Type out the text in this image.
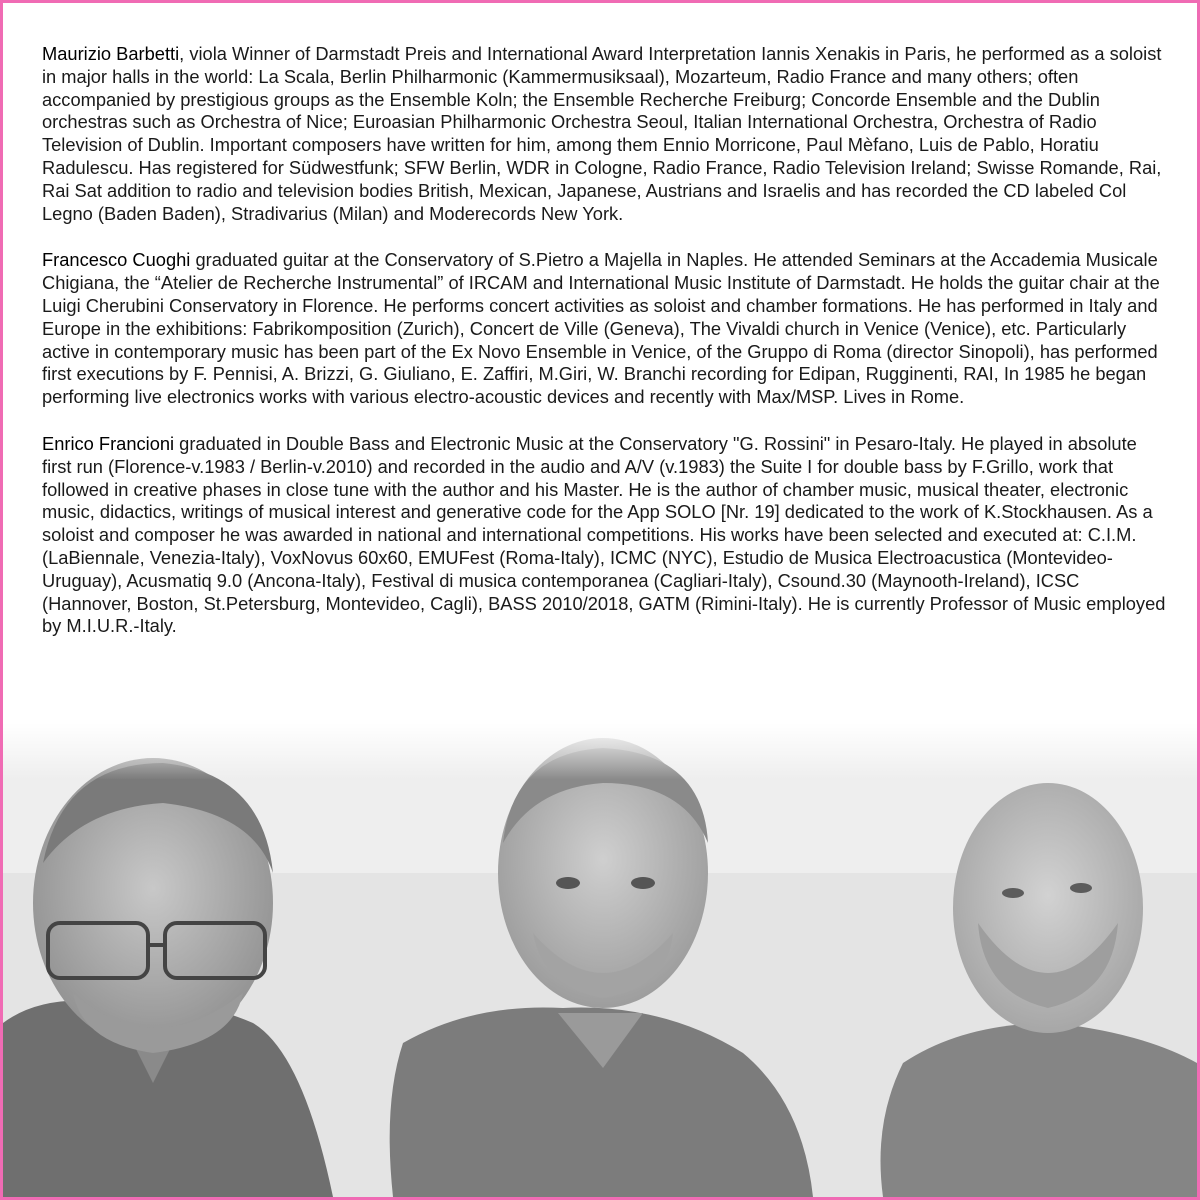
Maurizio Barbetti, viola Winner of Darmstadt Preis and International Award Interpretation Iannis Xenakis in Paris, he performed as a soloist in major halls in the world: La Scala, Berlin Philharmonic (Kammermusiksaal), Mozarteum, Radio France and many others; often accompanied by prestigious groups as the Ensemble Koln; the Ensemble Recherche Freiburg; Concorde Ensemble and the Dublin orchestras such as Orchestra of Nice; Euroasian Philharmonic Orchestra Seoul, Italian International Orchestra, Orchestra of Radio Television of Dublin. Important composers have written for him, among them Ennio Morricone, Paul Mèfano, Luis de Pablo, Horatiu Radulescu. Has registered for Südwestfunk; SFW Berlin, WDR in Cologne, Radio France, Radio Television Ireland; Swisse Romande, Rai, Rai Sat addition to radio and television bodies British, Mexican, Japanese, Austrians and Israelis and has recorded the CD labeled Col Legno (Baden Baden), Stradivarius (Milan) and Moderecords New York.

Francesco Cuoghi graduated guitar at the Conservatory of S.Pietro a Majella in Naples. He attended Seminars at the Accademia Musicale Chigiana, the “Atelier de Recherche Instrumental” of IRCAM and International Music Institute of Darmstadt. He holds the guitar chair at the Luigi Cherubini Conservatory in Florence. He performs concert activities as soloist and chamber formations. He has performed in Italy and Europe in the exhibitions: Fabrikomposition (Zurich), Concert de Ville (Geneva), The Vivaldi church in Venice (Venice), etc. Particularly active in contemporary music has been part of the Ex Novo Ensemble in Venice, of the Gruppo di Roma (director Sinopoli), has performed first executions by F. Pennisi, A. Brizzi, G. Giuliano, E. Zaffiri, M.Giri, W. Branchi recording for Edipan, Rugginenti, RAI, In 1985 he began performing live electronics works with various electro-acoustic devices and recently with Max/MSP. Lives in Rome.

Enrico Francioni graduated in Double Bass and Electronic Music at the Conservatory "G. Rossini" in Pesaro-Italy. He played in absolute first run (Florence-v.1983 / Berlin-v.2010) and recorded in the audio and A/V (v.1983) the Suite I for double bass by F.Grillo, work that followed in creative phases in close tune with the author and his Master. He is the author of chamber music, musical theater, electronic music, didactics, writings of musical interest and generative code for the App SOLO [Nr. 19] dedicated to the work of K.Stockhausen. As a soloist and composer he was awarded in national and international competitions. His works have been selected and executed at: C.I.M. (LaBiennale, Venezia-Italy), VoxNovus 60x60, EMUFest (Roma-Italy), ICMC (NYC), Estudio de Musica Electroacustica (Montevideo-Uruguay), Acusmatiq 9.0 (Ancona-Italy), Festival di musica contemporanea (Cagliari-Italy), Csound.30 (Maynooth-Ireland), ICSC (Hannover, Boston, St.Petersburg, Montevideo, Cagli), BASS 2010/2018, GATM (Rimini-Italy). He is currently Professor of Music employed by M.I.U.R.-Italy.
